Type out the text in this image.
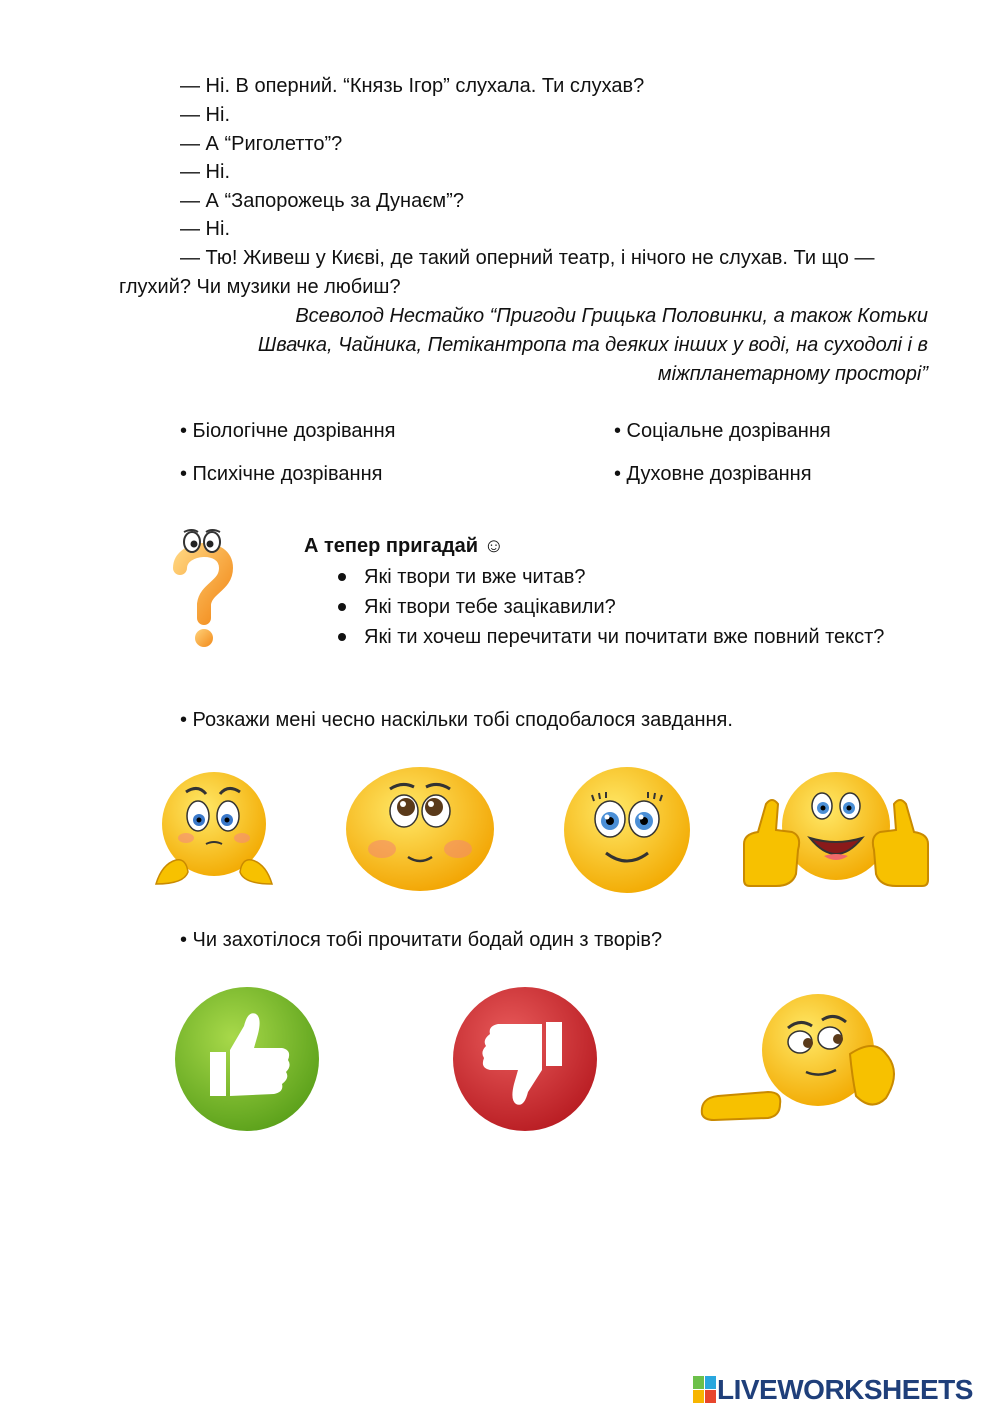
— Ні. В оперний. “Князь Ігор” слухала. Ти слухав?
— Ні.
— А “Риголетто”?
— Ні.
— А “Запорожець за Дунаєм”?
— Ні.
— Тю! Живеш у Києві, де такий оперний театр, і нічого не слухав. Ти що —
глухий? Чи музики не любиш?
Всеволод Нестайко “Пригоди Грицька Половинки, а також Котьки
Швачка, Чайника, Петікантропа та деяких інших у воді, на суходолі і в
міжпланетарному просторі”
• Біологічне дозрівання	• Соціальне дозрівання
• Психічне дозрівання	• Духовне дозрівання
А тепер пригадай ☺
Які твори ти вже читав?
Які твори тебе зацікавили?
Які ти хочеш перечитати чи почитати вже повний текст?
• Розкажи мені чесно наскільки тобі сподобалося завдання.
• Чи захотілося тобі прочитати бодай один з творів?
LIVEWORKSHEETS
